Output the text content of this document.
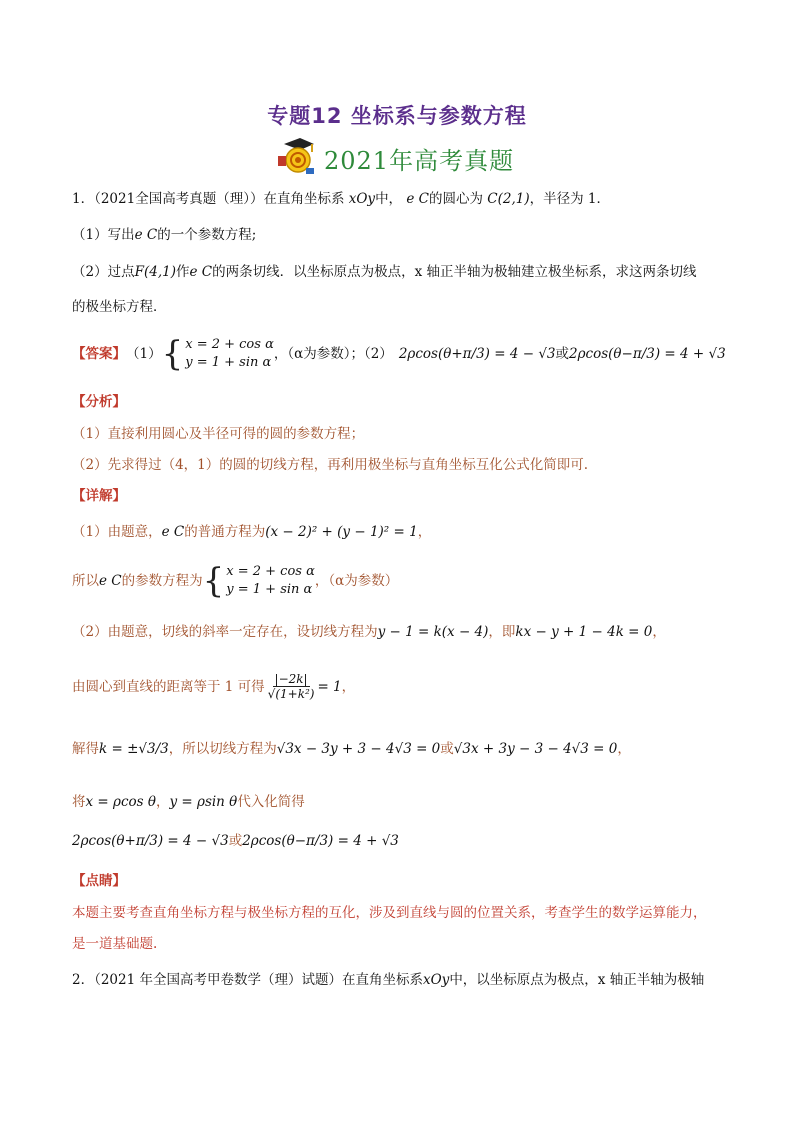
专题12 坐标系与参数方程
2021年高考真题
1．（2021全国高考真题（理））在直角坐标系 xOy中， e C的圆心为 C(2,1)，半径为 1．
（1）写出e C的一个参数方程;
（2）过点F(4,1)作e C的两条切线．以坐标原点为极点，x 轴正半轴为极轴建立极坐标系，求这两条切线
的极坐标方程．
【答案】 （1） { x = 2 + cos α
y = 1 + sin α
，（α为参数）；（2） 2ρcos(θ+π/3) = 4 − √3 或 2ρcos(θ−π/3) = 4 + √3
【分析】
（1）直接利用圆心及半径可得的圆的参数方程；
（2）先求得过（4，1）的圆的切线方程，再利用极坐标与直角坐标互化公式化简即可.
【详解】
（1）由题意，e C的普通方程为(x − 2)² + (y − 1)² = 1，
所以 e C 的参数方程为 { x = 2 + cos α
y = 1 + sin α
，（α为参数）
（2）由题意，切线的斜率一定存在，设切线方程为y − 1 = k(x − 4)，即kx − y + 1 − 4k = 0，
由圆心到直线的距离等于 1 可得 $\frac{|-2k|}{\text{√(1+k²)}} = 1$ ，
解得k = ±√3/3，所以切线方程为√3x − 3y + 3 − 4√3 = 0或√3x + 3y − 3 − 4√3 = 0，
将x = ρcos θ，y = ρsin θ代入化简得
2ρcos(θ+π/3) = 4 − √3或2ρcos(θ−π/3) = 4 + √3
【点睛】
本题主要考查直角坐标方程与极坐标方程的互化，涉及到直线与圆的位置关系，考查学生的数学运算能力，
是一道基础题.
2．（2021 年全国高考甲卷数学（理）试题）在直角坐标系xOy中，以坐标原点为极点，x 轴正半轴为极轴
